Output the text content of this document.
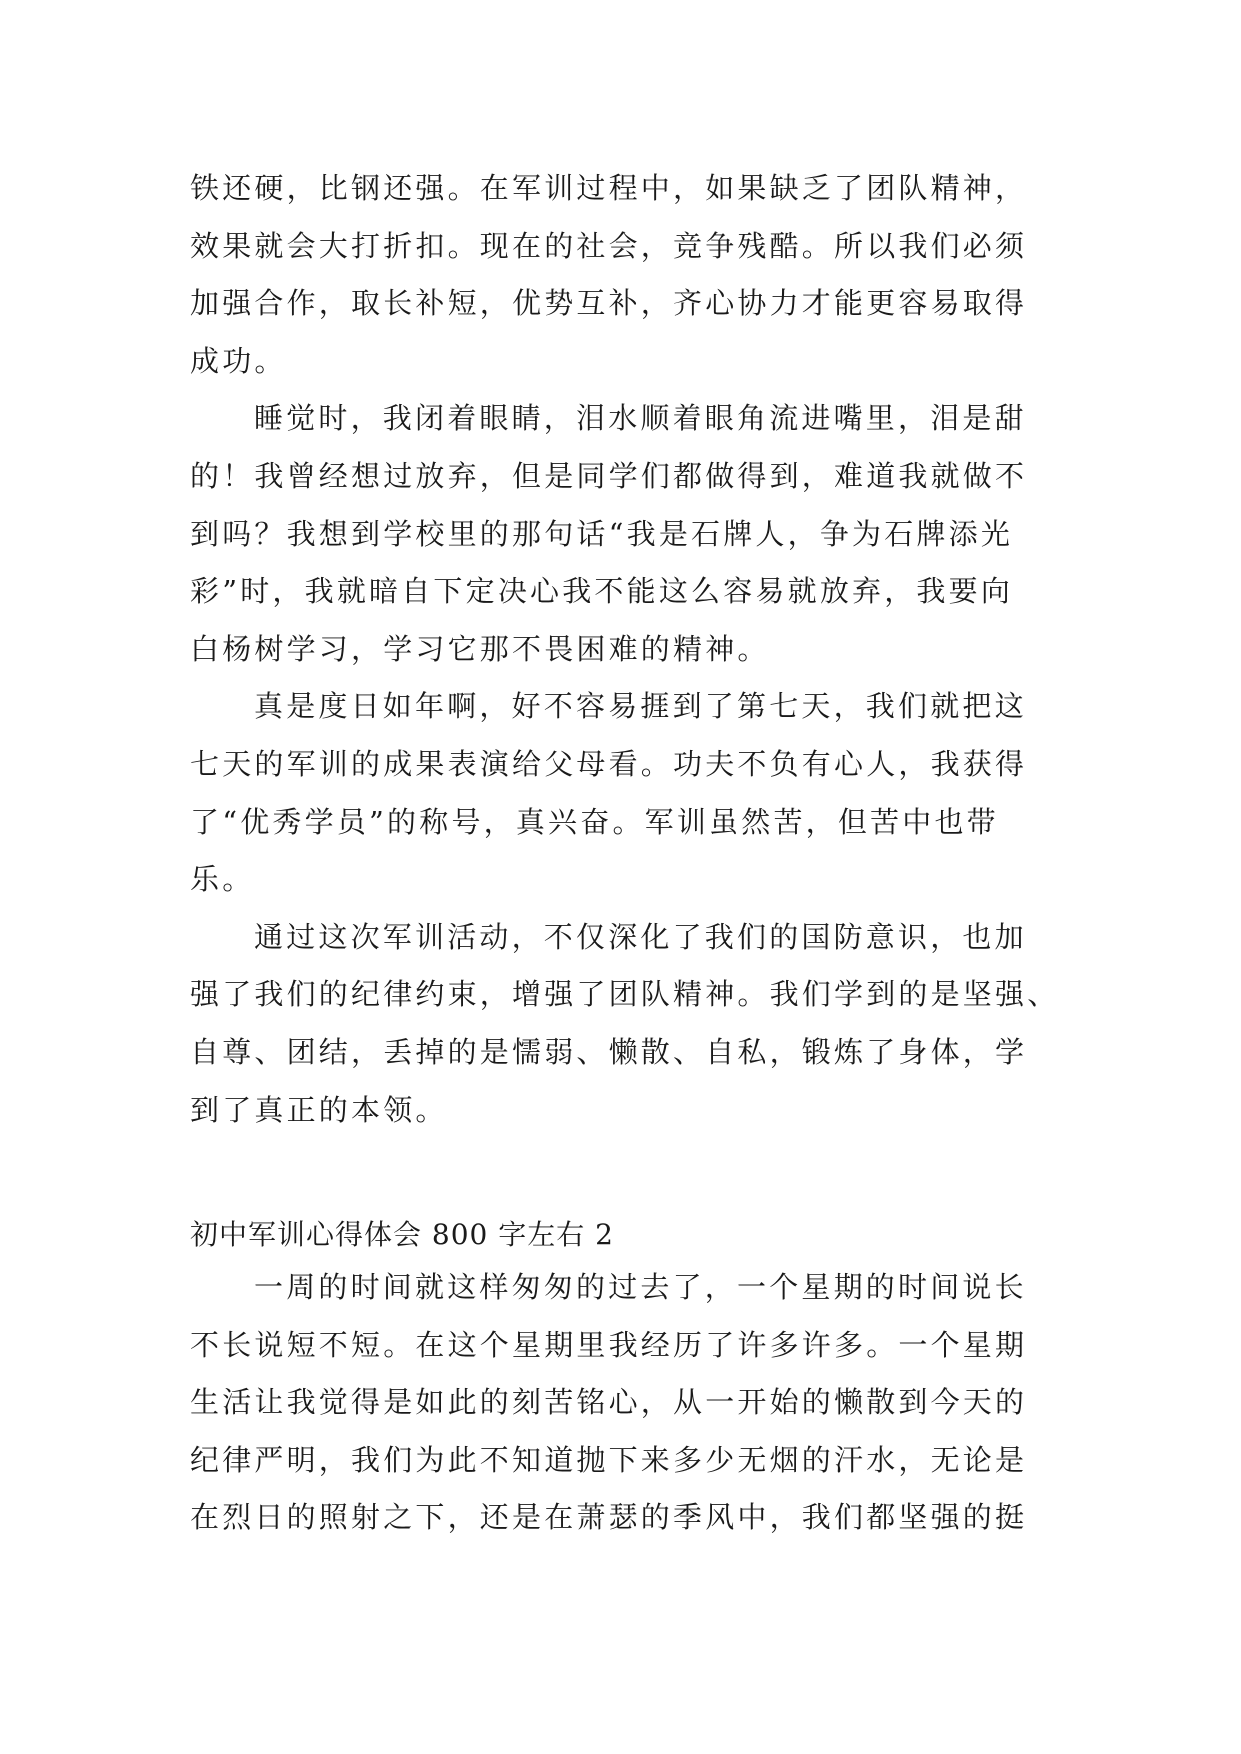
铁还硬，比钢还强。在军训过程中，如果缺乏了团队精神，
效果就会大打折扣。现在的社会，竞争残酷。所以我们必须
加强合作，取长补短，优势互补，齐心协力才能更容易取得
成功。
睡觉时，我闭着眼睛，泪水顺着眼角流进嘴里，泪是甜
的！我曾经想过放弃，但是同学们都做得到，难道我就做不
到吗？我想到学校里的那句话“我是石牌人，争为石牌添光
彩”时，我就暗自下定决心我不能这么容易就放弃，我要向
白杨树学习，学习它那不畏困难的精神。
真是度日如年啊，好不容易捱到了第七天，我们就把这
七天的军训的成果表演给父母看。功夫不负有心人，我获得
了“优秀学员”的称号，真兴奋。军训虽然苦，但苦中也带
乐。
通过这次军训活动，不仅深化了我们的国防意识，也加
强了我们的纪律约束，增强了团队精神。我们学到的是坚强、
自尊、团结，丢掉的是懦弱、懒散、自私，锻炼了身体，学
到了真正的本领。
初中军训心得体会 800 字左右 2
一周的时间就这样匆匆的过去了，一个星期的时间说长
不长说短不短。在这个星期里我经历了许多许多。一个星期
生活让我觉得是如此的刻苦铭心，从一开始的懒散到今天的
纪律严明，我们为此不知道抛下来多少无烟的汗水，无论是
在烈日的照射之下，还是在萧瑟的季风中，我们都坚强的挺
